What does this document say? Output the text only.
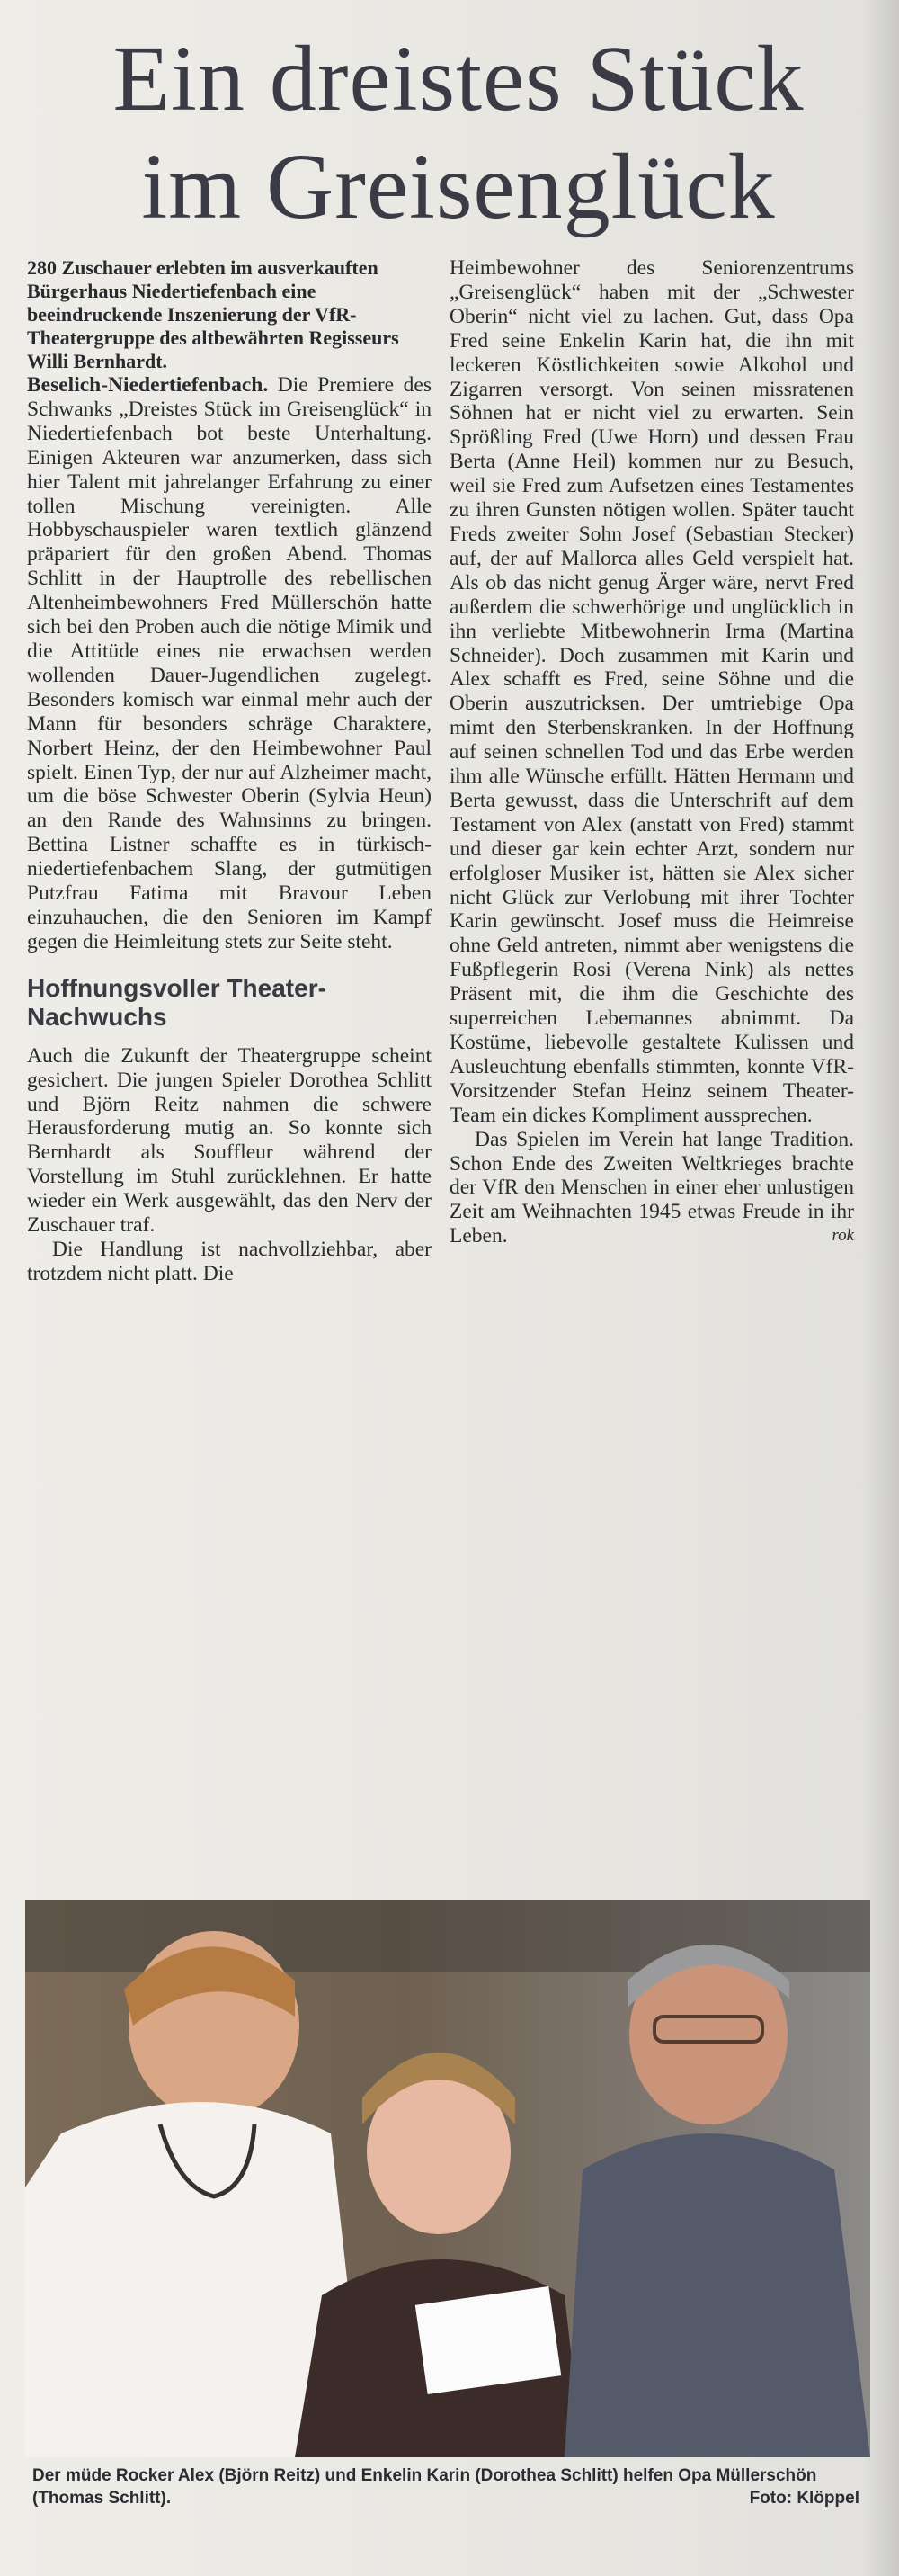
Ein dreistes Stück
im Greisenglück

280 Zuschauer erlebten im ausverkauften Bürgerhaus Niedertiefenbach eine beeindruckende Inszenierung der VfR-Theatergruppe des altbewährten Regisseurs Willi Bernhardt.

Beselich-Niedertiefenbach. Die Premiere des Schwanks „Dreistes Stück im Greisenglück“ in Niedertiefenbach bot beste Unterhaltung. Einigen Akteuren war anzumerken, dass sich hier Talent mit jahrelanger Erfahrung zu einer tollen Mischung vereinigten. Alle Hobbyschauspieler waren textlich glänzend präpariert für den großen Abend. Thomas Schlitt in der Hauptrolle des rebellischen Altenheimbewohners Fred Müllerschön hatte sich bei den Proben auch die nötige Mimik und die Attitüde eines nie erwachsen werden wollenden Dauer-Jugendlichen zugelegt. Besonders komisch war einmal mehr auch der Mann für besonders schräge Charaktere, Norbert Heinz, der den Heimbewohner Paul spielt. Einen Typ, der nur auf Alzheimer macht, um die böse Schwester Oberin (Sylvia Heun) an den Rande des Wahnsinns zu bringen. Bettina Listner schaffte es in türkisch-niedertiefenbachem Slang, der gutmütigen Putzfrau Fatima mit Bravour Leben einzuhauchen, die den Senioren im Kampf gegen die Heimleitung stets zur Seite steht.

Hoffnungsvoller Theater-Nachwuchs

Auch die Zukunft der Theatergruppe scheint gesichert. Die jungen Spieler Dorothea Schlitt und Björn Reitz nahmen die schwere Herausforderung mutig an. So konnte sich Bernhardt als Souffleur während der Vorstellung im Stuhl zurücklehnen. Er hatte wieder ein Werk ausgewählt, das den Nerv der Zuschauer traf.

Die Handlung ist nachvollziehbar, aber trotzdem nicht platt. Die

Heimbewohner des Seniorenzentrums „Greisenglück“ haben mit der „Schwester Oberin“ nicht viel zu lachen. Gut, dass Opa Fred seine Enkelin Karin hat, die ihn mit leckeren Köstlichkeiten sowie Alkohol und Zigarren versorgt. Von seinen missratenen Söhnen hat er nicht viel zu erwarten. Sein Sprößling Fred (Uwe Horn) und dessen Frau Berta (Anne Heil) kommen nur zu Besuch, weil sie Fred zum Aufsetzen eines Testamentes zu ihren Gunsten nötigen wollen. Später taucht Freds zweiter Sohn Josef (Sebastian Stecker) auf, der auf Mallorca alles Geld verspielt hat. Als ob das nicht genug Ärger wäre, nervt Fred außerdem die schwerhörige und unglücklich in ihn verliebte Mitbewohnerin Irma (Martina Schneider). Doch zusammen mit Karin und Alex schafft es Fred, seine Söhne und die Oberin auszutricksen. Der umtriebige Opa mimt den Sterbenskranken. In der Hoffnung auf seinen schnellen Tod und das Erbe werden ihm alle Wünsche erfüllt. Hätten Hermann und Berta gewusst, dass die Unterschrift auf dem Testament von Alex (anstatt von Fred) stammt und dieser gar kein echter Arzt, sondern nur erfolgloser Musiker ist, hätten sie Alex sicher nicht Glück zur Verlobung mit ihrer Tochter Karin gewünscht. Josef muss die Heimreise ohne Geld antreten, nimmt aber wenigstens die Fußpflegerin Rosi (Verena Nink) als nettes Präsent mit, die ihm die Geschichte des superreichen Lebemannes abnimmt. Da Kostüme, liebevolle gestaltete Kulissen und Ausleuchtung ebenfalls stimmten, konnte VfR-Vorsitzender Stefan Heinz seinem Theater-Team ein dickes Kompliment aussprechen.

Das Spielen im Verein hat lange Tradition. Schon Ende des Zweiten Weltkrieges brachte der VfR den Menschen in einer eher unlustigen Zeit am Weihnachten 1945 etwas Freude in ihr Leben.	rok

Der müde Rocker Alex (Björn Reitz) und Enkelin Karin (Dorothea Schlitt) helfen Opa Müllerschön (Thomas Schlitt).	Foto: Klöppel
